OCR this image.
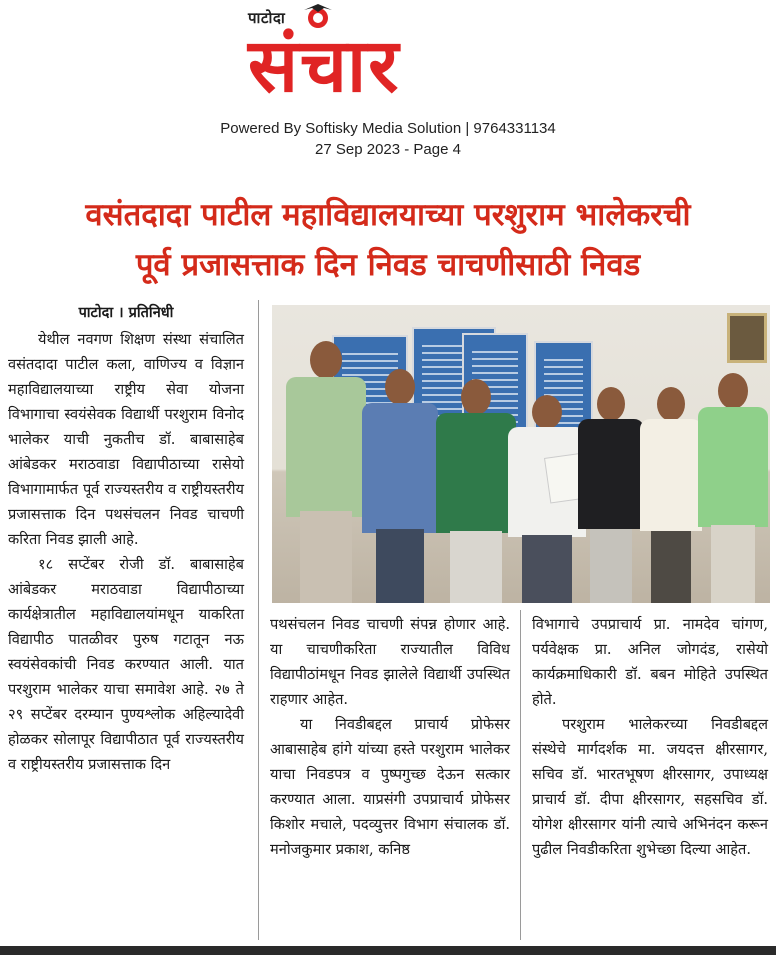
पाटोदा
संचार
Powered By Softisky Media Solution | 9764331134
27 Sep 2023 - Page 4
वसंतदादा पाटील महाविद्यालयाच्या परशुराम भालेकरची
पूर्व प्रजासत्ताक दिन निवड चाचणीसाठी निवड
पाटोदा । प्रतिनिधी

येथील नवगण शिक्षण संस्था संचालित वसंतदादा पाटील कला, वाणिज्य व विज्ञान महाविद्यालयाच्या राष्ट्रीय सेवा योजना विभागाचा स्वयंसेवक विद्यार्थी परशुराम विनोद भालेकर याची नुकतीच डॉ. बाबासाहेब आंबेडकर मराठवाडा विद्यापीठाच्या रासेयो विभागामार्फत पूर्व राज्यस्तरीय व राष्ट्रीयस्तरीय प्रजासत्ताक दिन पथसंचलन निवड चाचणी करिता निवड झाली आहे.

१८ सप्टेंबर रोजी डॉ. बाबासाहेब आंबेडकर मराठवाडा विद्यापीठाच्या कार्यक्षेत्रातील महाविद्यालयांमधून याकरिता विद्यापीठ पातळीवर पुरुष गटातून नऊ स्वयंसेवकांची निवड करण्यात आली. यात परशुराम भालेकर याचा समावेश आहे. २७ ते २९ सप्टेंबर दरम्यान पुण्यश्लोक अहिल्यादेवी होळकर सोलापूर विद्यापीठात पूर्व राज्यस्तरीय व राष्ट्रीयस्तरीय प्रजासत्ताक दिन

पथसंचलन निवड चाचणी संपन्न होणार आहे. या चाचणीकरिता राज्यातील विविध विद्यापीठांमधून निवड झालेले विद्यार्थी उपस्थित राहणार आहेत.

या निवडीबद्दल प्राचार्य प्रोफेसर आबासाहेब हांगे यांच्या हस्ते परशुराम भालेकर याचा निवडपत्र व पुष्पगुच्छ देऊन सत्कार करण्यात आला. याप्रसंगी उपप्राचार्य प्रोफेसर किशोर मचाले, पदव्युत्तर विभाग संचालक डॉ. मनोजकुमार प्रकाश, कनिष्ठ

विभागाचे उपप्राचार्य प्रा. नामदेव चांगण, पर्यवेक्षक प्रा. अनिल जोगदंड, रासेयो कार्यक्रमाधिकारी डॉ. बबन मोहिते उपस्थित होते.

परशुराम भालेकरच्या निवडीबद्दल संस्थेचे मार्गदर्शक मा. जयदत्त क्षीरसागर, सचिव डॉ. भारतभूषण क्षीरसागर, उपाध्यक्ष प्राचार्य डॉ. दीपा क्षीरसागर, सहसचिव डॉ. योगेश क्षीरसागर यांनी त्याचे अभिनंदन करून पुढील निवडीकरिता शुभेच्छा दिल्या आहेत.
